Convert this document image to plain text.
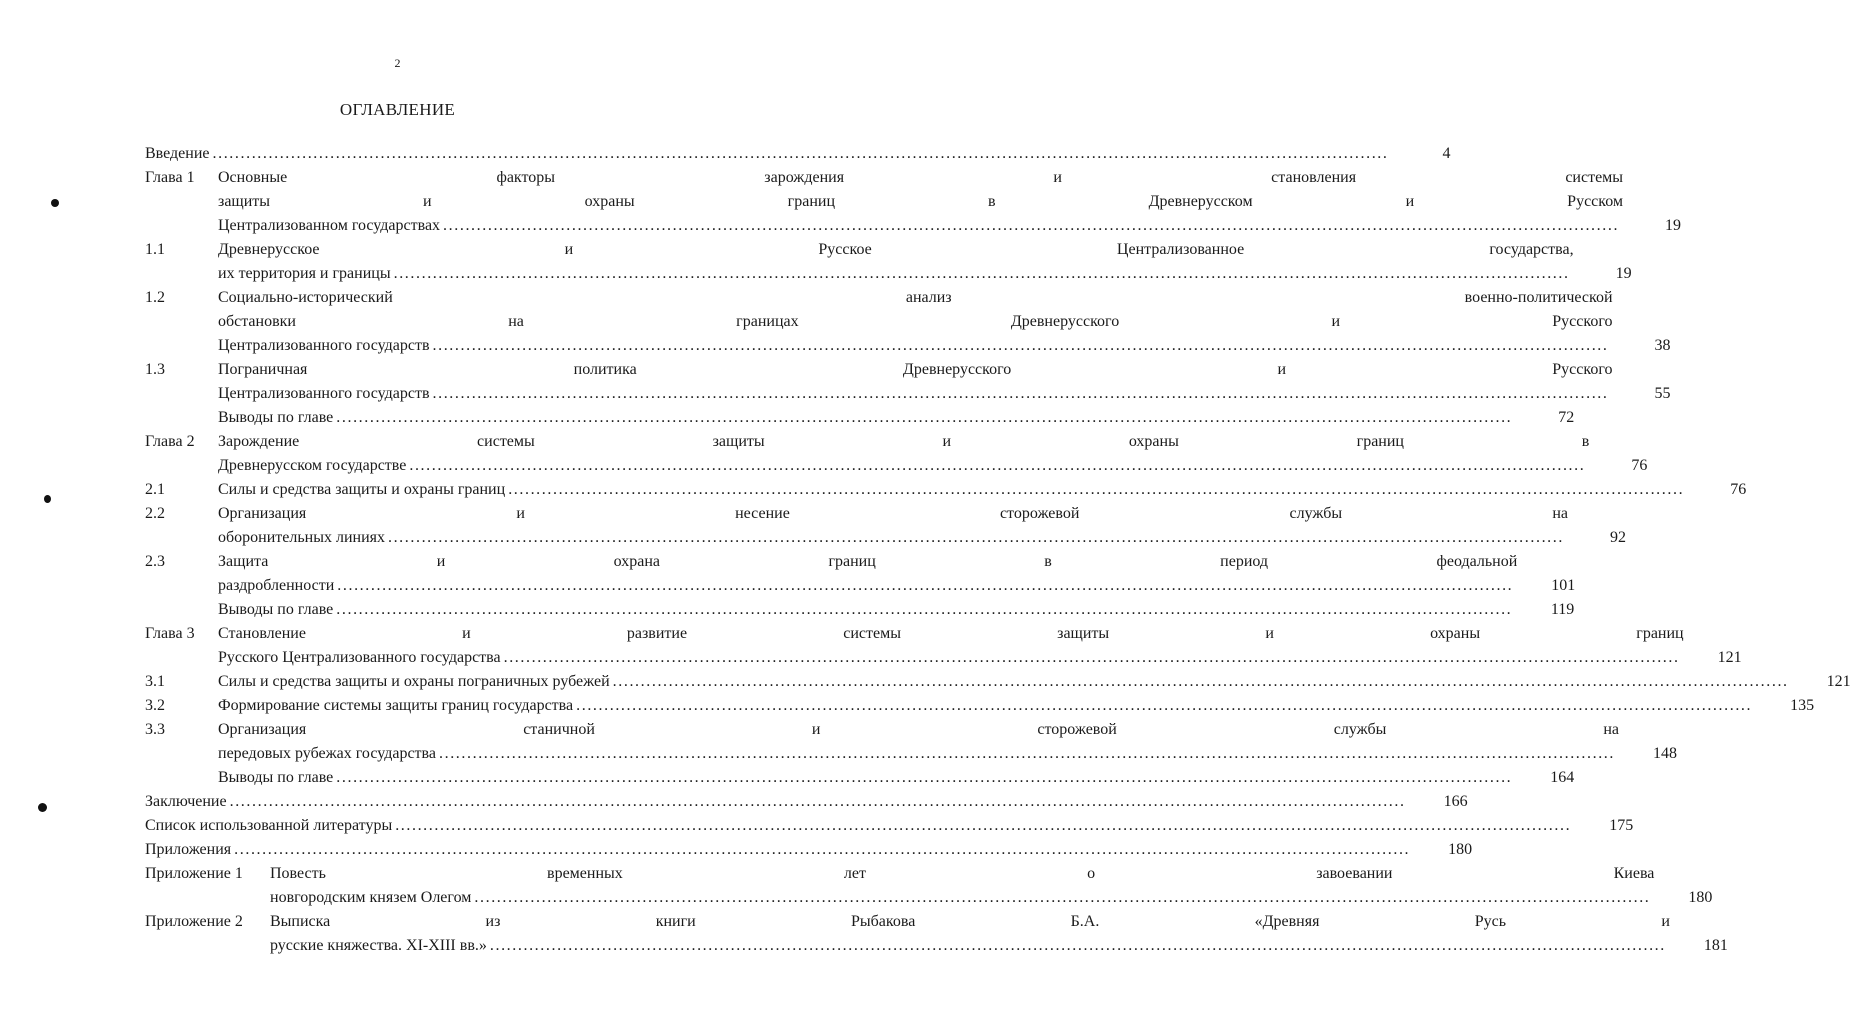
2
ОГЛАВЛЕНИЕ
Введение .....	4
Глава 1	Основные факторы зарождения и становления системы
защиты и охраны границ в Древнерусском и Русском
Централизованном государствах .....	19
1.1	Древнерусское и Русское Централизованное государства,
их территория и границы .....	19
1.2	Социально-исторический анализ военно-политической
обстановки на границах Древнерусского и Русского
Централизованного государств .....	38
1.3	Пограничная политика Древнерусского и Русского
Централизованного государств .....	55
Выводы по главе .....	72
Глава 2	Зарождение системы защиты и охраны границ в
Древнерусском государстве .....	76
2.1	Силы и средства защиты и охраны границ .....	76
2.2	Организация и несение сторожевой службы на
оборонительных линиях .....	92
2.3	Защита и охрана границ в период феодальной
раздробленности .....	101
Выводы по главе .....	119
Глава 3	Становление и развитие системы защиты и охраны границ
Русского Централизованного государства .....	121
3.1	Силы и средства защиты и охраны пограничных рубежей .....	121
3.2	Формирование системы защиты границ государства .....	135
3.3	Организация станичной и сторожевой службы на
передовых рубежах государства .....	148
Выводы по главе .....	164
Заключение .....	166
Список использованной литературы .....	175
Приложения .....	180
Приложение 1	Повесть временных лет о завоевании Киева
новгородским князем Олегом .....	180
Приложение 2	Выписка из книги Рыбакова Б.А. «Древняя Русь и
русские княжества. XI-XIII вв.» .....	181
